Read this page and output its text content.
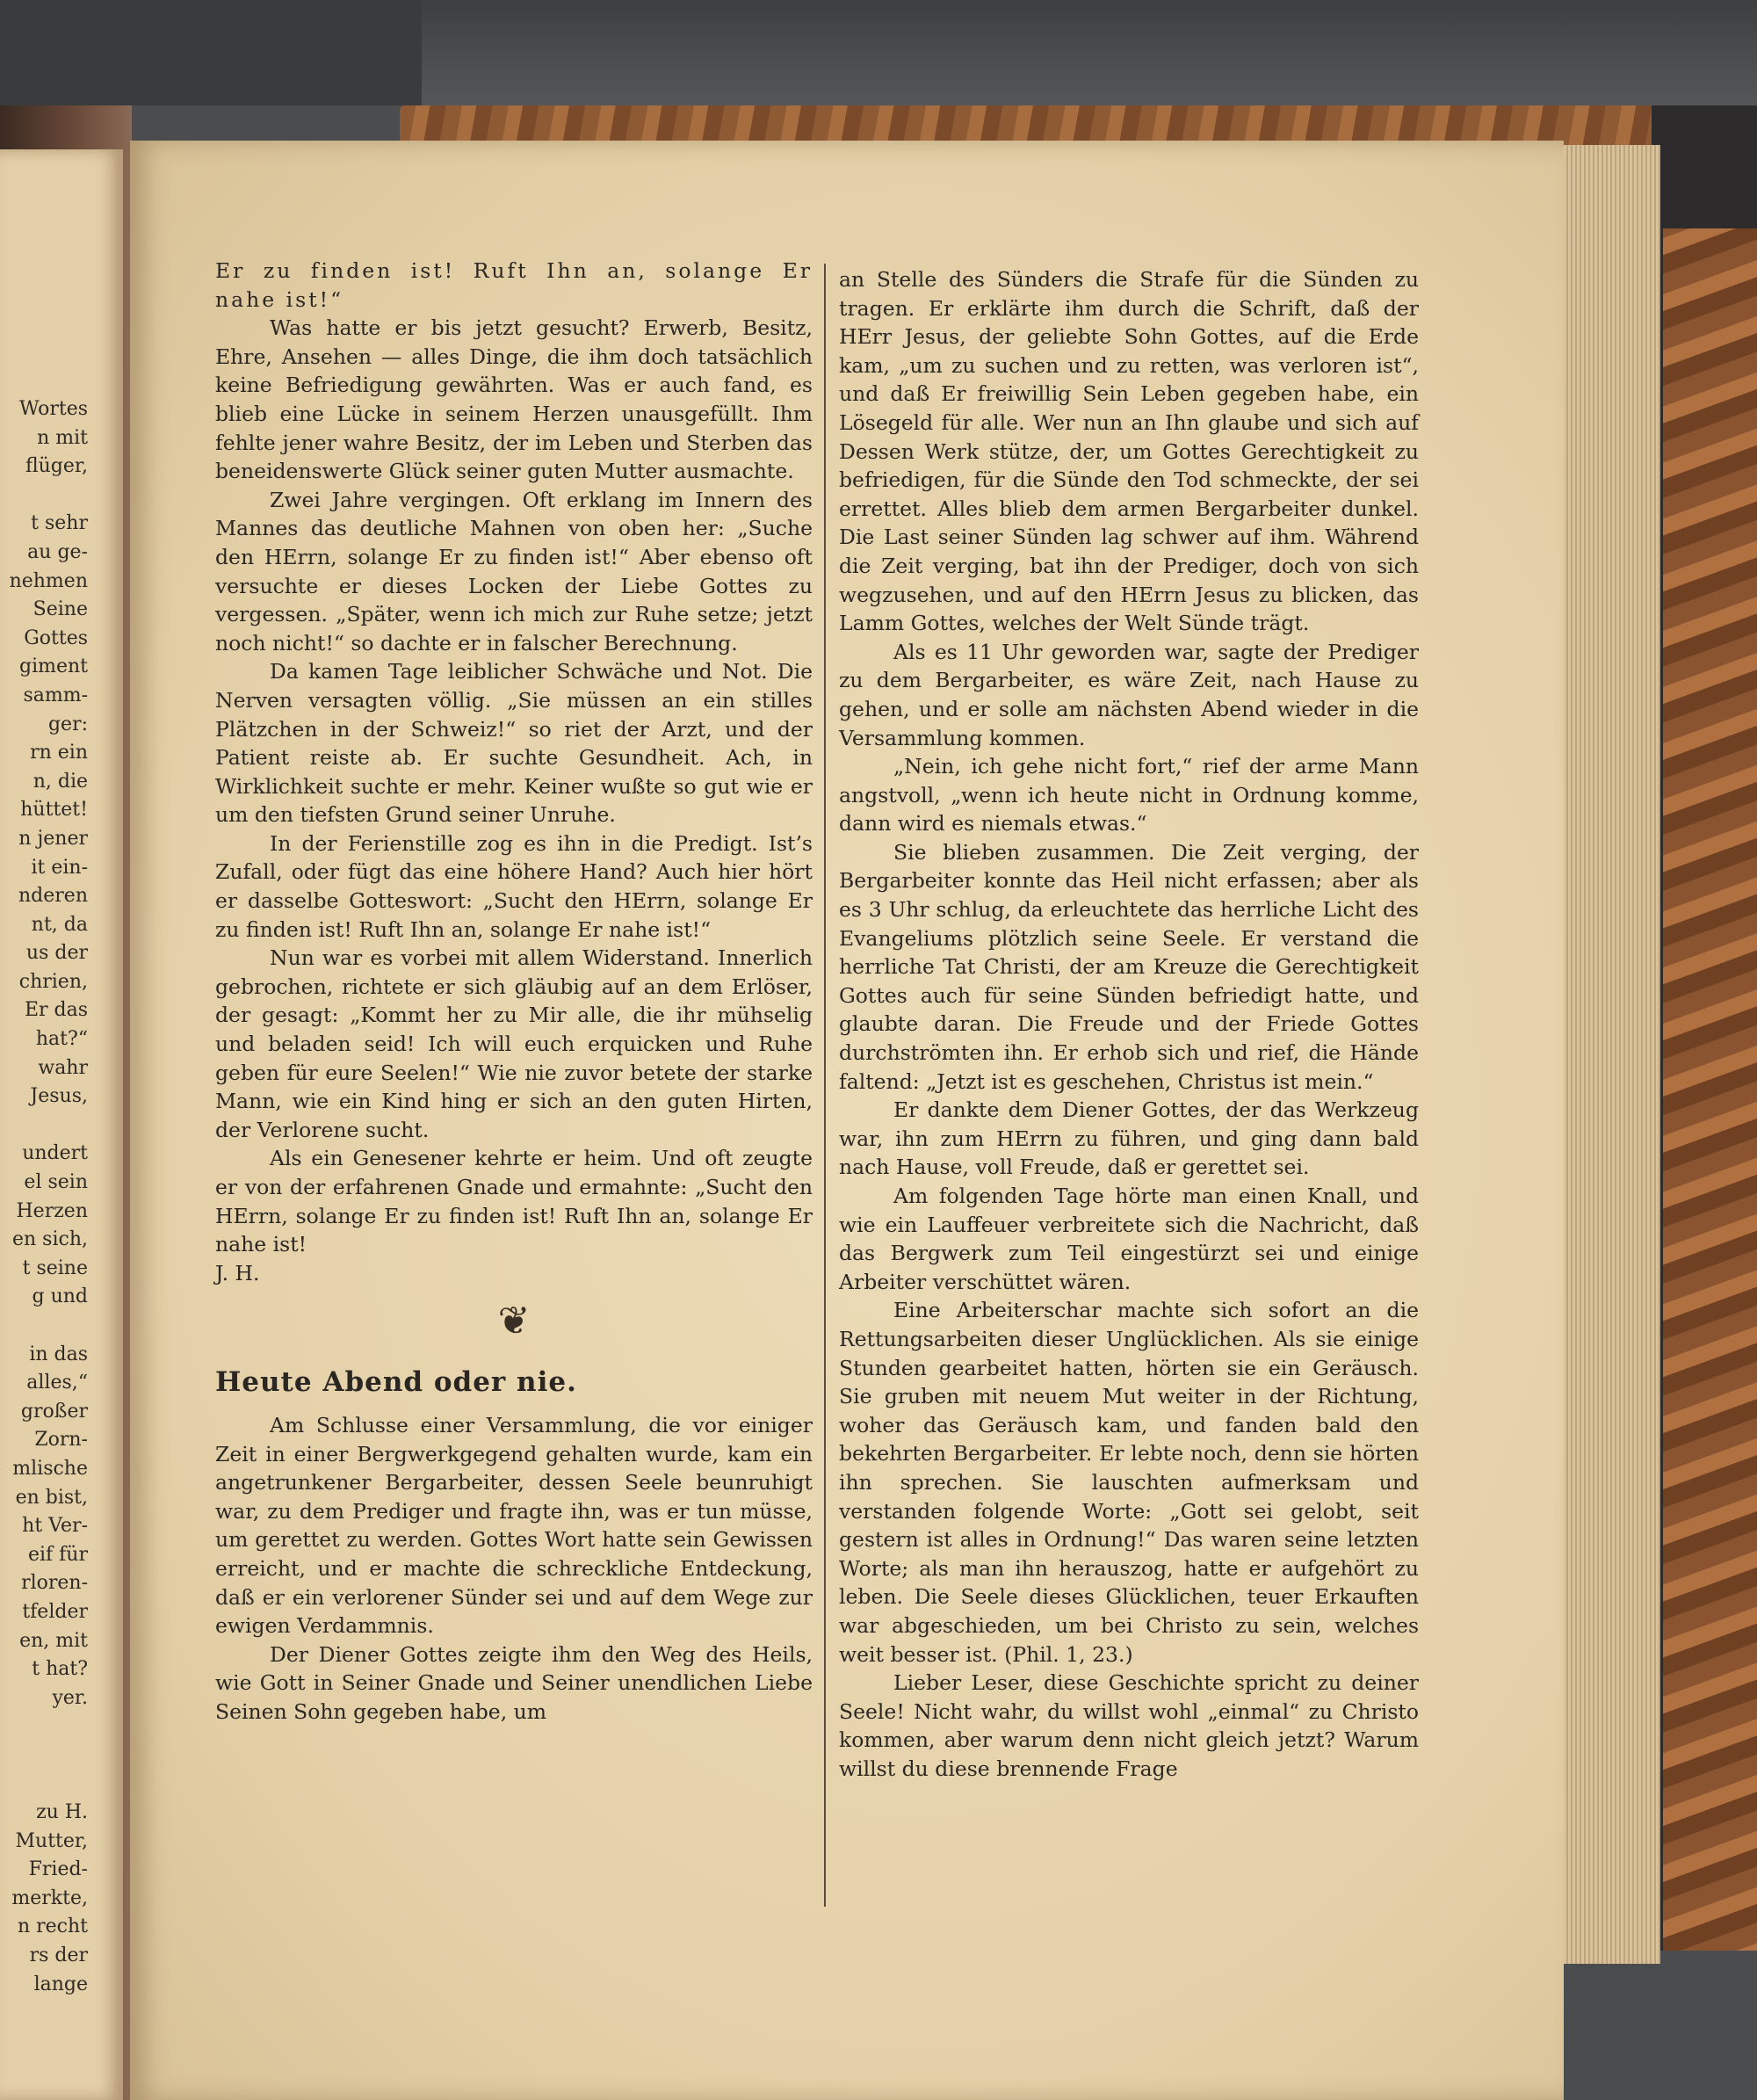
Wortes
n mit
flüger,
t sehr
au ge-
nehmen
Seine
Gottes
giment
samm-
ger:
rn ein
n, die
hüttet!
n jener
it ein-
nderen
nt, da
us der
chrien,
Er das
hat?“
wahr
Jesus,
undert
el sein
Herzen
en sich,
t seine
g und
in das
alles,“
großer
Zorn-
mlische
en bist,
ht Ver-
eif für
rloren-
tfelder
en, mit
t hat?
yer.
zu H.
Mutter,
Fried-
merkte,
n recht
rs der
lange

Er zu finden ist! Ruft Ihn an, solange Er nahe ist!“

Was hatte er bis jetzt gesucht? Erwerb, Besitz, Ehre, Ansehen — alles Dinge, die ihm doch tatsächlich keine Befriedigung gewährten. Was er auch fand, es blieb eine Lücke in seinem Herzen unausgefüllt. Ihm fehlte jener wahre Besitz, der im Leben und Sterben das beneidenswerte Glück seiner guten Mutter ausmachte.

Zwei Jahre vergingen. Oft erklang im Innern des Mannes das deutliche Mahnen von oben her: „Suche den HErrn, solange Er zu finden ist!“ Aber ebenso oft versuchte er dieses Locken der Liebe Gottes zu vergessen. „Später, wenn ich mich zur Ruhe setze; jetzt noch nicht!“ so dachte er in falscher Berechnung.

Da kamen Tage leiblicher Schwäche und Not. Die Nerven versagten völlig. „Sie müssen an ein stilles Plätzchen in der Schweiz!“ so riet der Arzt, und der Patient reiste ab. Er suchte Gesundheit. Ach, in Wirklichkeit suchte er mehr. Keiner wußte so gut wie er um den tiefsten Grund seiner Unruhe.

In der Ferienstille zog es ihn in die Predigt. Ist’s Zufall, oder fügt das eine höhere Hand? Auch hier hört er dasselbe Gotteswort: „Sucht den HErrn, solange Er zu finden ist! Ruft Ihn an, solange Er nahe ist!“

Nun war es vorbei mit allem Widerstand. Innerlich gebrochen, richtete er sich gläubig auf an dem Erlöser, der gesagt: „Kommt her zu Mir alle, die ihr mühselig und beladen seid! Ich will euch erquicken und Ruhe geben für eure Seelen!“ Wie nie zuvor betete der starke Mann, wie ein Kind hing er sich an den guten Hirten, der Verlorene sucht.

Als ein Genesener kehrte er heim. Und oft zeugte er von der erfahrenen Gnade und ermahnte: „Sucht den HErrn, solange Er zu finden ist! Ruft Ihn an, solange Er nahe ist!

J. H.

❦

Heute Abend oder nie.

Am Schlusse einer Versammlung, die vor einiger Zeit in einer Bergwerkgegend gehalten wurde, kam ein angetrunkener Bergarbeiter, dessen Seele beunruhigt war, zu dem Prediger und fragte ihn, was er tun müsse, um gerettet zu werden. Gottes Wort hatte sein Gewissen erreicht, und er machte die schreckliche Entdeckung, daß er ein verlorener Sünder sei und auf dem Wege zur ewigen Verdammnis.

Der Diener Gottes zeigte ihm den Weg des Heils, wie Gott in Seiner Gnade und Seiner unendlichen Liebe Seinen Sohn gegeben habe, um

an Stelle des Sünders die Strafe für die Sünden zu tragen. Er erklärte ihm durch die Schrift, daß der HErr Jesus, der geliebte Sohn Gottes, auf die Erde kam, „um zu suchen und zu retten, was verloren ist“, und daß Er freiwillig Sein Leben gegeben habe, ein Lösegeld für alle. Wer nun an Ihn glaube und sich auf Dessen Werk stütze, der, um Gottes Gerechtigkeit zu befriedigen, für die Sünde den Tod schmeckte, der sei errettet. Alles blieb dem armen Bergarbeiter dunkel. Die Last seiner Sünden lag schwer auf ihm. Während die Zeit verging, bat ihn der Prediger, doch von sich wegzusehen, und auf den HErrn Jesus zu blicken, das Lamm Gottes, welches der Welt Sünde trägt.

Als es 11 Uhr geworden war, sagte der Prediger zu dem Bergarbeiter, es wäre Zeit, nach Hause zu gehen, und er solle am nächsten Abend wieder in die Versammlung kommen.

„Nein, ich gehe nicht fort,“ rief der arme Mann angstvoll, „wenn ich heute nicht in Ordnung komme, dann wird es niemals etwas.“

Sie blieben zusammen. Die Zeit verging, der Bergarbeiter konnte das Heil nicht erfassen; aber als es 3 Uhr schlug, da erleuchtete das herrliche Licht des Evangeliums plötzlich seine Seele. Er verstand die herrliche Tat Christi, der am Kreuze die Gerechtigkeit Gottes auch für seine Sünden befriedigt hatte, und glaubte daran. Die Freude und der Friede Gottes durchströmten ihn. Er erhob sich und rief, die Hände faltend: „Jetzt ist es geschehen, Christus ist mein.“

Er dankte dem Diener Gottes, der das Werkzeug war, ihn zum HErrn zu führen, und ging dann bald nach Hause, voll Freude, daß er gerettet sei.

Am folgenden Tage hörte man einen Knall, und wie ein Lauffeuer verbreitete sich die Nachricht, daß das Bergwerk zum Teil eingestürzt sei und einige Arbeiter verschüttet wären.

Eine Arbeiterschar machte sich sofort an die Rettungsarbeiten dieser Unglücklichen. Als sie einige Stunden gearbeitet hatten, hörten sie ein Geräusch. Sie gruben mit neuem Mut weiter in der Richtung, woher das Geräusch kam, und fanden bald den bekehrten Bergarbeiter. Er lebte noch, denn sie hörten ihn sprechen. Sie lauschten aufmerksam und verstanden folgende Worte: „Gott sei gelobt, seit gestern ist alles in Ordnung!“ Das waren seine letzten Worte; als man ihn herauszog, hatte er aufgehört zu leben. Die Seele dieses Glücklichen, teuer Erkauften war abgeschieden, um bei Christo zu sein, welches weit besser ist. (Phil. 1, 23.)

Lieber Leser, diese Geschichte spricht zu deiner Seele! Nicht wahr, du willst wohl „einmal“ zu Christo kommen, aber warum denn nicht gleich jetzt? Warum willst du diese brennende Frage
